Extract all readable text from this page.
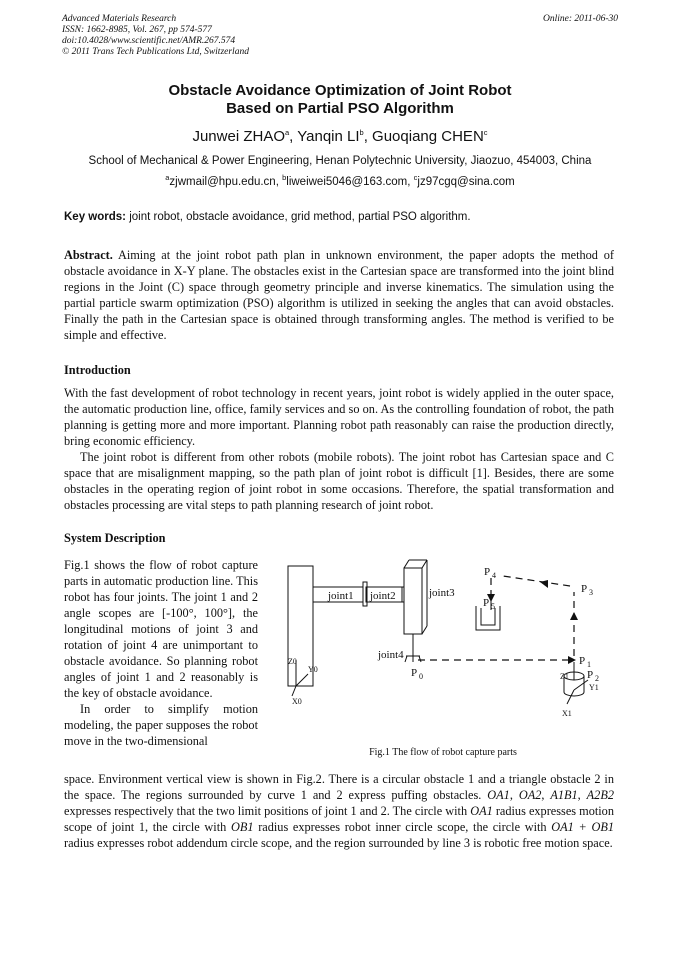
Advanced Materials Research
ISSN: 1662-8985, Vol. 267, pp 574-577
doi:10.4028/www.scientific.net/AMR.267.574
© 2011 Trans Tech Publications Ltd, Switzerland
Online: 2011-06-30
Obstacle Avoidance Optimization of Joint Robot
Based on Partial PSO Algorithm
Junwei ZHAO$^a$, Yanqin $LI^b$, Guoqiang CHEN$^c$
School of Mechanical & Power Engineering, Henan Polytechnic University, Jiaozuo, 454003, China
$^a$zjwmail@hpu.edu.cn, $^b$liweiwei5046@163.com, $^c$jz97cgq@sina.com
Key words: joint robot, obstacle avoidance, grid method, partial PSO algorithm.
Abstract. Aiming at the joint robot path plan in unknown environment, the paper adopts the method of obstacle avoidance in X-Y plane. The obstacles exist in the Cartesian space are transformed into the joint blind regions in the Joint (C) space through geometry principle and inverse kinematics. The simulation using the partial particle swarm optimization (PSO) algorithm is utilized in seeking the angles that can avoid obstacles. Finally the path in the Cartesian space is obtained through transforming angles. The method is verified to be simple and effective.
Introduction

With the fast development of robot technology in recent years, joint robot is widely applied in the outer space, the automatic production line, office, family services and so on. As the controlling foundation of robot, the path planning is getting more and more important. Planning robot path reasonably can raise the production directly, bring economic efficiency.

The joint robot is different from other robots (mobile robots). The joint robot has Cartesian space and C space that are misalignment mapping, so the path plan of joint robot is difficult [1]. Besides, there are some obstacles in the operating region of joint robot in some occasions. Therefore, the spatial transformation and obstacles processing are vital steps to path planning research of joint robot.

System Description

Fig.1 shows the flow of robot capture parts in automatic production line. This robot has four joints. The joint 1 and 2 angle scopes are [-100°, 100°], the longitudinal motions of joint 3 and rotation of joint 4 are unimportant to obstacle avoidance. So planning robot angles of joint 1 and 2 reasonably is the key of obstacle avoidance.

In order to simplify motion modeling, the paper supposes the robot move in the two-dimensional

joint1 joint2	joint3
joint4
P 0
P 1
P 2
P 3
P 4
P 5
Z0
Y0
X0
Z1
Y1
X1
Fig.1 The flow of robot capture parts
space. Environment vertical view is shown in Fig.2. There is a circular obstacle 1 and a triangle obstacle 2 in the space. The regions surrounded by curve 1 and 2 express puffing obstacles. OA1, OA2, A1B1, A2B2 expresses respectively that the two limit positions of joint 1 and 2. The circle with OA1 radius expresses motion scope of joint 1, the circle with OB1 radius expresses robot inner circle scope, the circle with OA1 + OB1 radius expresses robot addendum circle scope, and the region surrounded by line 3 is robotic free motion space.
